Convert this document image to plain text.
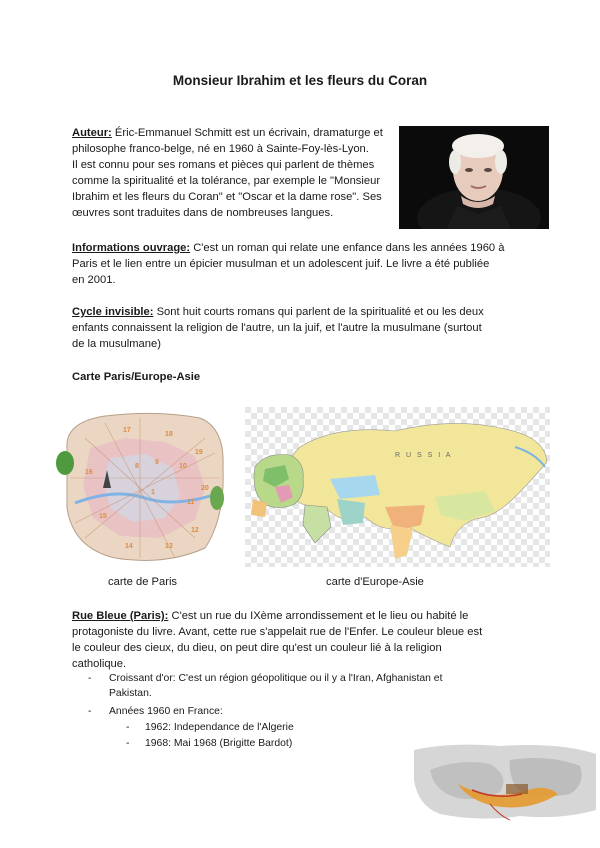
Monsieur Ibrahim et les fleurs du Coran
Auteur: Éric-Emmanuel Schmitt est un écrivain, dramaturge et
philosophe franco-belge, né en 1960 à Sainte-Foy-lès-Lyon.
Il est connu pour ses romans et pièces qui parlent de thèmes
comme la spiritualité et la tolérance, par exemple le "Monsieur
Ibrahim et les fleurs du Coran" et "Oscar et la dame rose". Ses
œuvres sont traduites dans de nombreuses langues.
Informations ouvrage: C'est un roman qui relate une enfance dans les années 1960 à
Paris et le lien entre un épicier musulman et un adolescent juif. Le livre a été publiée
en 2001.
Cycle invisible: Sont huit courts romans qui parlent de la spiritualité et ou les deux
enfants connaissent la religion de l'autre, un la juif, et l'autre la musulmane (surtout
de la musulmane)
Carte Paris/Europe-Asie
17
18
19
20
8
9
10
16
11
12
13
14
15
1
R U S S I A
carte de Paris	carte d'Europe-Asie
Rue Bleue (Paris): C'est un rue du IXème arrondissement et le lieu ou habité le
protagoniste du livre. Avant, cette rue s'appelait rue de l'Enfer. Le couleur bleue est
le couleur des cieux, du dieu, on peut dire qu'est un couleur lié à la religion
catholique.
- Croissant d'or: C'est un région géopolitique ou il y a l'Iran, Afghanistan et
Pakistan.
- Années 1960 en France:
- 1962: Independance de l'Algerie
- 1968: Mai 1968 (Brigitte Bardot)
